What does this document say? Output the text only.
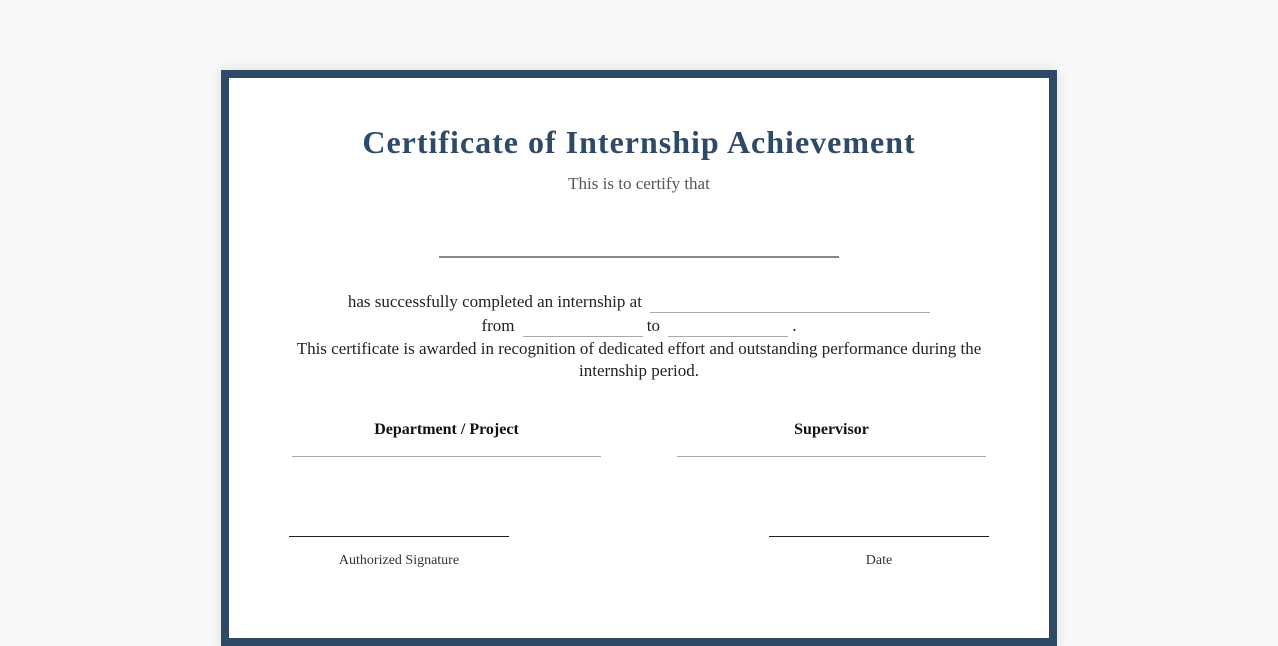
Certificate of Internship Achievement
This is to certify that
has successfully completed an internship at
from	to	.
This certificate is awarded in recognition of dedicated effort and outstanding performance during the internship period.
Department / Project	Supervisor
Authorized Signature	Date
